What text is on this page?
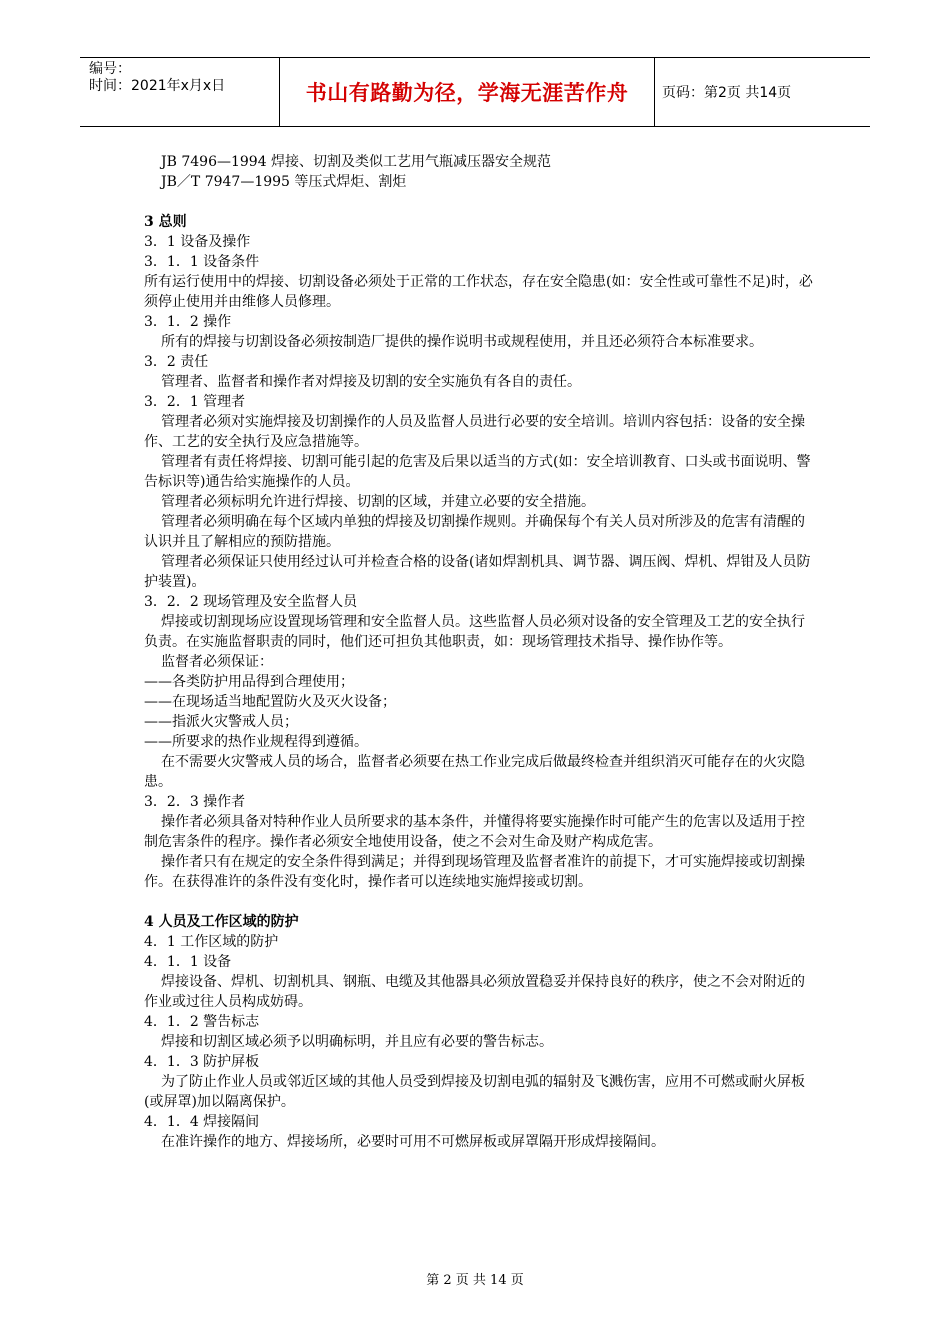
编号：
时间：2021年x月x日	书山有路勤为径，学海无涯苦作舟	页码：第2页 共14页
JB 7496—1994 焊接、切割及类似工艺用气瓶减压器安全规范
JB／T 7947—1995 等压式焊炬、割炬
3 总则
3．1 设备及操作
3．1．1 设备条件
所有运行使用中的焊接、切割设备必须处于正常的工作状态，存在安全隐患(如：安全性或可靠性不足)时，必须停止使用并由维修人员修理。
3．1．2 操作
所有的焊接与切割设备必须按制造厂提供的操作说明书或规程使用，并且还必须符合本标准要求。
3．2 责任
管理者、监督者和操作者对焊接及切割的安全实施负有各自的责任。
3．2．1 管理者
管理者必须对实施焊接及切割操作的人员及监督人员进行必要的安全培训。培训内容包括：设备的安全操作、工艺的安全执行及应急措施等。
管理者有责任将焊接、切割可能引起的危害及后果以适当的方式(如：安全培训教育、口头或书面说明、警告标识等)通告给实施操作的人员。
管理者必须标明允许进行焊接、切割的区域，并建立必要的安全措施。
管理者必须明确在每个区域内单独的焊接及切割操作规则。并确保每个有关人员对所涉及的危害有清醒的认识并且了解相应的预防措施。
管理者必须保证只使用经过认可并检查合格的设备(诸如焊割机具、调节器、调压阀、焊机、焊钳及人员防护装置)。
3．2．2 现场管理及安全监督人员
焊接或切割现场应设置现场管理和安全监督人员。这些监督人员必须对设备的安全管理及工艺的安全执行负责。在实施监督职责的同时，他们还可担负其他职责，如：现场管理技术指导、操作协作等。
监督者必须保证：
——各类防护用品得到合理使用；
——在现场适当地配置防火及灭火设备；
——指派火灾警戒人员；
——所要求的热作业规程得到遵循。
在不需要火灾警戒人员的场合，监督者必须要在热工作业完成后做最终检查并组织消灭可能存在的火灾隐患。
3．2．3 操作者
操作者必须具备对特种作业人员所要求的基本条件，并懂得将要实施操作时可能产生的危害以及适用于控制危害条件的程序。操作者必须安全地使用设备，使之不会对生命及财产构成危害。
操作者只有在规定的安全条件得到满足；并得到现场管理及监督者准许的前提下，才可实施焊接或切割操作。在获得准许的条件没有变化时，操作者可以连续地实施焊接或切割。
4 人员及工作区域的防护
4．1 工作区域的防护
4．1．1 设备
焊接设备、焊机、切割机具、钢瓶、电缆及其他器具必须放置稳妥并保持良好的秩序，使之不会对附近的作业或过往人员构成妨碍。
4．1．2 警告标志
焊接和切割区域必须予以明确标明，并且应有必要的警告标志。
4．1．3 防护屏板
为了防止作业人员或邻近区域的其他人员受到焊接及切割电弧的辐射及飞溅伤害，应用不可燃或耐火屏板(或屏罩)加以隔离保护。
4．1．4 焊接隔间
在准许操作的地方、焊接场所，必要时可用不可燃屏板或屏罩隔开形成焊接隔间。
第 2 页 共 14 页
